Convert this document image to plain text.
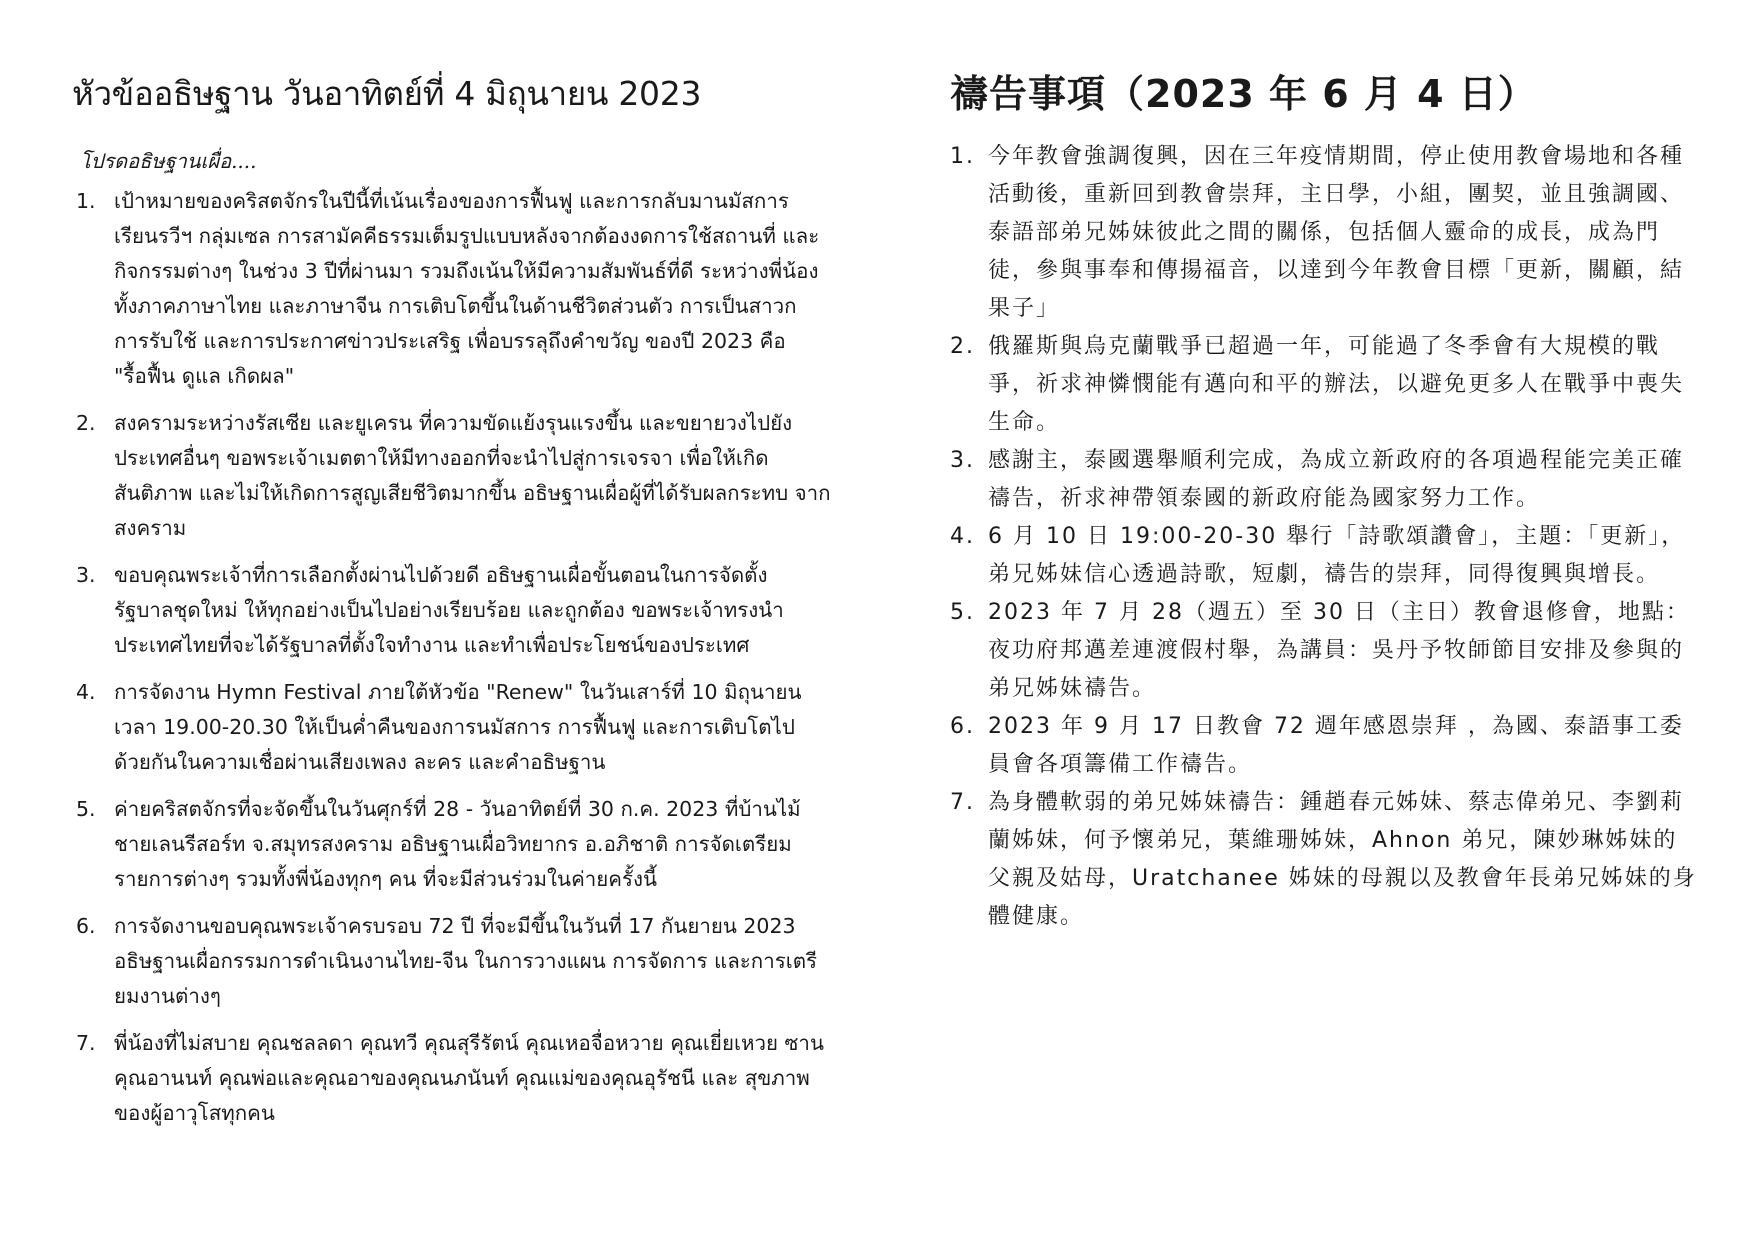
หัวข้ออธิษฐาน วันอาทิตย์ที่ 4 มิถุนายน 2023
โปรดอธิษฐานเผื่อ....
1. เป้าหมายของคริสตจักรในปีนี้ที่เน้นเรื่องของการฟื้นฟู และการกลับมานมัสการ เรียนรวีฯ กลุ่มเซล การสามัคคีธรรมเต็มรูปแบบหลังจากต้องงดการใช้สถานที่ และกิจกรรมต่างๆ ในช่วง 3 ปีที่ผ่านมา รวมถึงเน้นให้มีความสัมพันธ์ที่ดี ระหว่างพี่น้องทั้งภาคภาษาไทย และภาษาจีน การเติบโตขึ้นในด้านชีวิตส่วนตัว การเป็นสาวก การรับใช้ และการประกาศข่าวประเสริฐ เพื่อบรรลุถึงคำขวัญ ของปี 2023 คือ "รื้อฟื้น ดูแล เกิดผล"
2. สงครามระหว่างรัสเซีย และยูเครน ที่ความขัดแย้งรุนแรงขึ้น และขยายวงไปยัง ประเทศอื่นๆ ขอพระเจ้าเมตตาให้มีทางออกที่จะนำไปสู่การเจรจา เพื่อให้เกิด สันติภาพ และไม่ให้เกิดการสูญเสียชีวิตมากขึ้น อธิษฐานเผื่อผู้ที่ได้รับผลกระทบ จากสงคราม
3. ขอบคุณพระเจ้าที่การเลือกตั้งผ่านไปด้วยดี อธิษฐานเผื่อขั้นตอนในการจัดตั้ง รัฐบาลชุดใหม่ ให้ทุกอย่างเป็นไปอย่างเรียบร้อย และถูกต้อง ขอพระเจ้าทรงนำ ประเทศไทยที่จะได้รัฐบาลที่ตั้งใจทำงาน และทำเพื่อประโยชน์ของประเทศ
4. การจัดงาน Hymn Festival ภายใต้หัวข้อ "Renew" ในวันเสาร์ที่ 10 มิถุนายน เวลา 19.00-20.30 ให้เป็นค่ำคืนของการนมัสการ การฟื้นฟู และการเติบโตไป ด้วยกันในความเชื่อผ่านเสียงเพลง ละคร และคำอธิษฐาน
5. ค่ายคริสตจักรที่จะจัดขึ้นในวันศุกร์ที่ 28 - วันอาทิตย์ที่ 30 ก.ค. 2023 ที่บ้านไม้ ชายเลนรีสอร์ท จ.สมุทรสงคราม อธิษฐานเผื่อวิทยากร อ.อภิชาติ การจัดเตรียม รายการต่างๆ รวมทั้งพี่น้องทุกๆ คน ที่จะมีส่วนร่วมในค่ายครั้งนี้
6. การจัดงานขอบคุณพระเจ้าครบรอบ 72 ปี ที่จะมีขึ้นในวันที่ 17 กันยายน 2023 อธิษฐานเผื่อกรรมการดำเนินงานไทย-จีน ในการวางแผน การจัดการ และการเตรียมงานต่างๆ
7. พี่น้องที่ไม่สบาย คุณชลลดา คุณทวี คุณสุรีรัตน์ คุณเหอจื่อหวาย คุณเยี่ยเหวย ซาน คุณอานนท์ คุณพ่อและคุณอาของคุณนภนันท์ คุณแม่ของคุณอุรัชนี และ สุขภาพของผู้อาวุโสทุกคน
禱告事項（2023 年 6 月 4 日）
1. 今年教會強調復興，因在三年疫情期間，停止使用教會場地和各種活動後，重新回到教會崇拜，主日學，小組，團契，並且強調國、泰語部弟兄姊妹彼此之間的關係，包括個人靈命的成長，成為門徒，參與事奉和傳揚福音，以達到今年教會目標「更新，關顧，結果子」
2. 俄羅斯與烏克蘭戰爭已超過一年，可能過了冬季會有大規模的戰爭，祈求神憐憫能有邁向和平的辦法，以避免更多人在戰爭中喪失生命。
3. 感謝主，泰國選舉順利完成，為成立新政府的各項過程能完美正確禱告，祈求神帶領泰國的新政府能為國家努力工作。
4. 6 月 10 日 19:00-20-30 舉行「詩歌頌讚會」，主題：「更新」，弟兄姊妹信心透過詩歌，短劇，禱告的崇拜，同得復興與增長。
5. 2023 年 7 月 28（週五）至 30 日（主日）教會退修會，地點：夜功府邦邁差連渡假村舉，為講員：吳丹予牧師節目安排及參與的弟兄姊妹禱告。
6. 2023 年 9 月 17 日教會 72 週年感恩崇拜 ，為國、泰語事工委員會各項籌備工作禱告。
7. 為身體軟弱的弟兄姊妹禱告：鍾趙春元姊妹、蔡志偉弟兄、李劉莉蘭姊妹，何予懷弟兄，葉維珊姊妹，Ahnon 弟兄，陳妙琳姊妹的父親及姑母，Uratchanee 姊妹的母親以及教會年長弟兄姊妹的身體健康。
